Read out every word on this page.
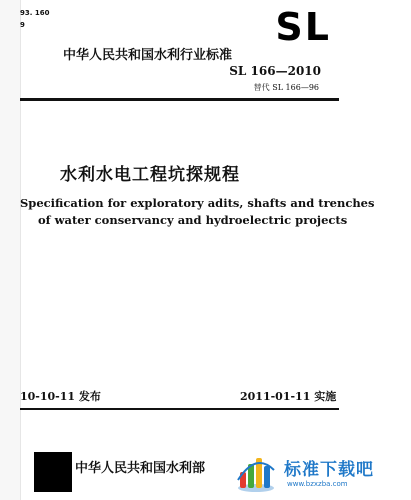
93. 160
9	SL
中华人民共和国水利行业标准
SL 166—2010
替代 SL 166—96
水利水电工程坑探规程
Specification for exploratory adits, shafts and trenches
of water conservancy and hydroelectric projects
10-10-11 发布	2011-01-11 实施
中华人民共和国水利部	标准下载吧
www.bzxzba.com
